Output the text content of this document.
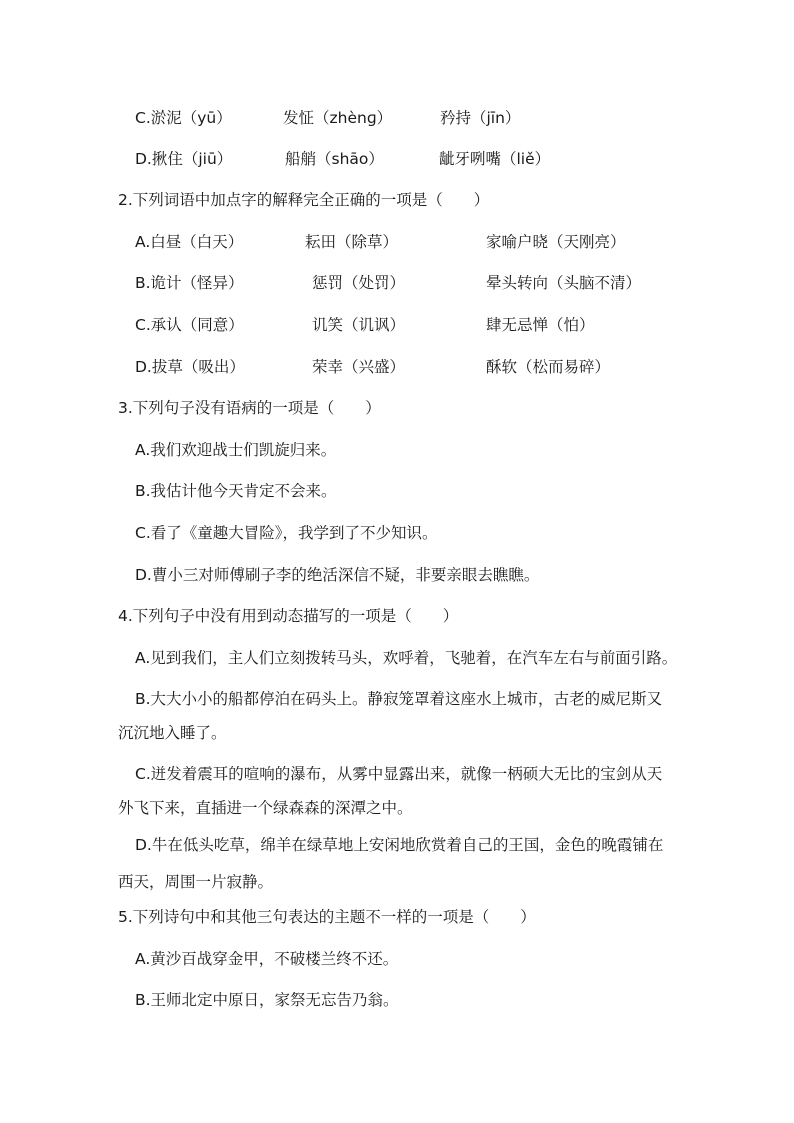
C.淤泥（yū）	发怔（zhènɡ）	矜持（jīn）
D.揪住（jiū）	船艄（shāo）	龇牙咧嘴（liě）
2.下列词语中加点字的解释完全正确的一项是（　　）
A.白昼（白天）	耘田（除草）	家喻户晓（天刚亮）
B.诡计（怪异）	惩罚（处罚）	晕头转向（头脑不清）
C.承认（同意）	讥笑（讥讽）	肆无忌惮（怕）
D.拔草（吸出）	荣幸（兴盛）	酥软（松而易碎）
3.下列句子没有语病的一项是（　　）
A.我们欢迎战士们凯旋归来。
B.我估计他今天肯定不会来。
C.看了《童趣大冒险》，我学到了不少知识。
D.曹小三对师傅刷子李的绝活深信不疑，非要亲眼去瞧瞧。
4.下列句子中没有用到动态描写的一项是（　　）
A.见到我们，主人们立刻拨转马头，欢呼着，飞驰着，在汽车左右与前面引路。
B.大大小小的船都停泊在码头上。静寂笼罩着这座水上城市，古老的威尼斯又
沉沉地入睡了。
C.迸发着震耳的喧响的瀑布，从雾中显露出来，就像一柄硕大无比的宝剑从天
外飞下来，直插进一个绿森森的深潭之中。
D.牛在低头吃草，绵羊在绿草地上安闲地欣赏着自己的王国，金色的晚霞铺在
西天，周围一片寂静。
5.下列诗句中和其他三句表达的主题不一样的一项是（　　）
A.黄沙百战穿金甲，不破楼兰终不还。
B.王师北定中原日，家祭无忘告乃翁。
